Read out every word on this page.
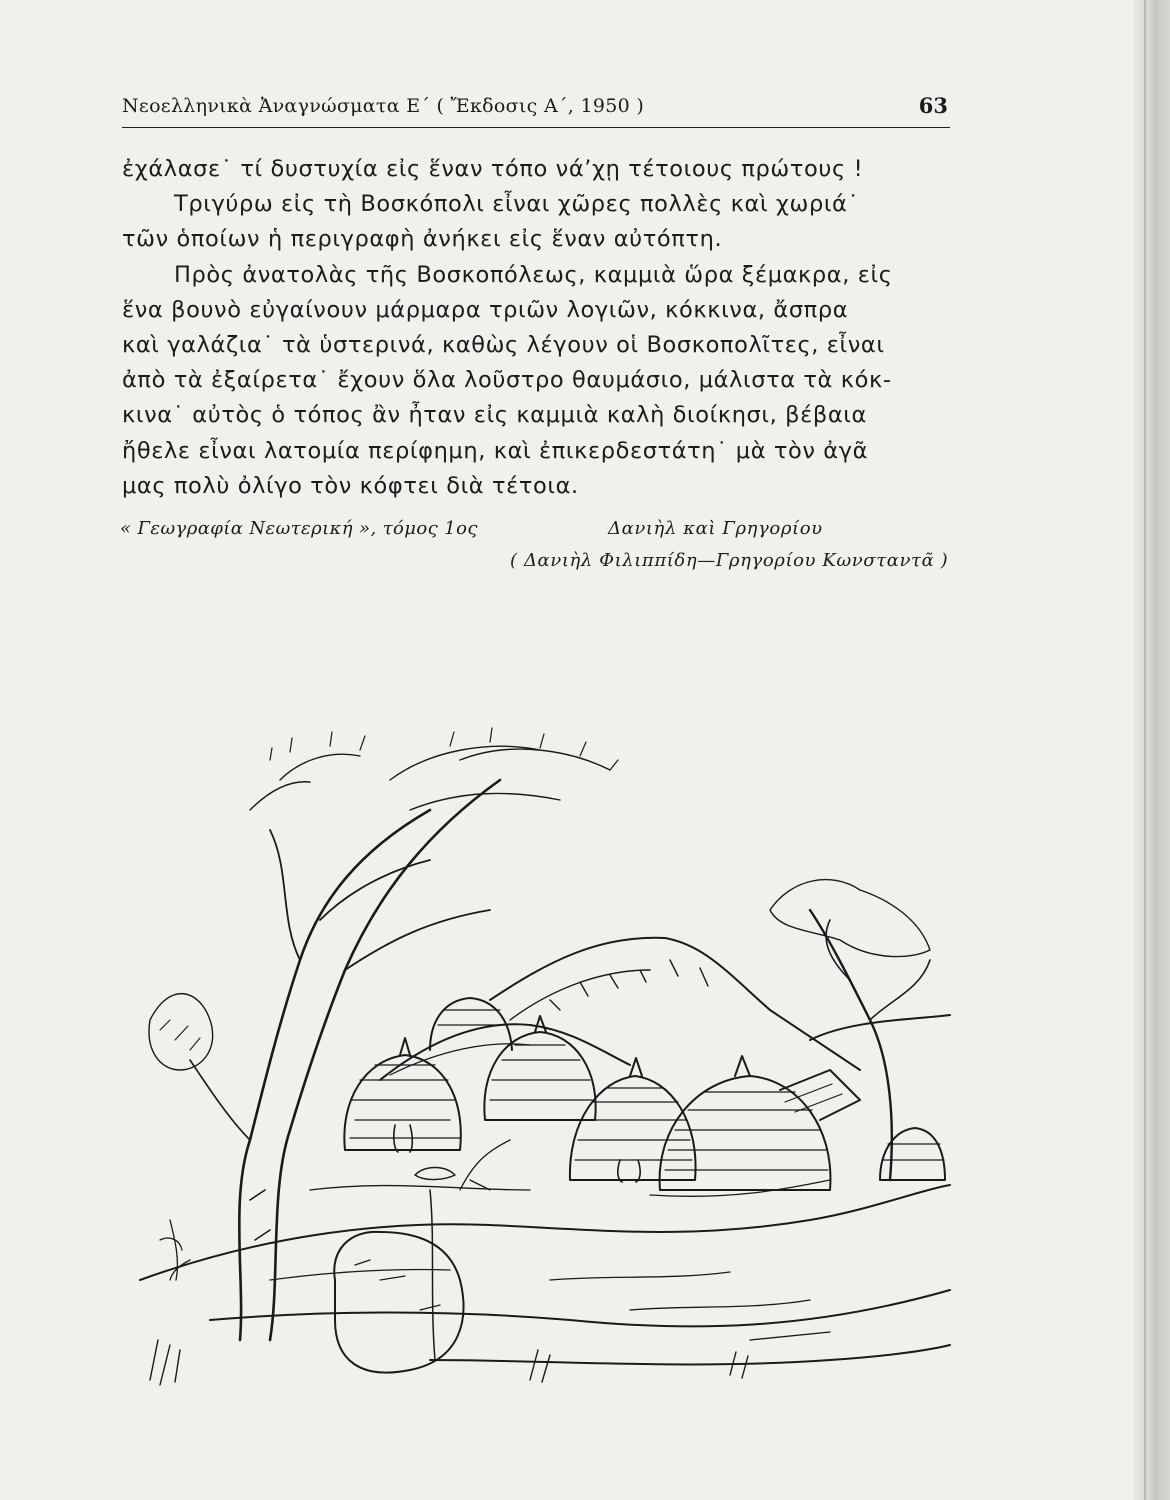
Νεοελληνικὰ Ἀναγνώσματα Ε΄ ( Ἔκδοσις Α΄, 1950 )	63

ἐχάλασε˙ τί δυστυχία εἰς ἕναν τόπο νά’χῃ τέτοιους πρώτους !

Τριγύρω εἰς τὴ Βοσκόπολι εἶναι χῶρες πολλὲς καὶ χωριά˙

τῶν ὁποίων ἡ περιγραφὴ ἀνήκει εἰς ἕναν αὐτόπτη.

Πρὸς ἀνατολὰς τῆς Βοσκοπόλεως, καμμιὰ ὥρα ξέμακρα, εἰς

ἕνα βουνὸ εὐγαίνουν μάρμαρα τριῶν λογιῶν, κόκκινα, ἄσπρα

καὶ γαλάζια˙ τὰ ὑστερινά, καθὼς λέγουν οἱ Βοσκοπολῖτες, εἶναι

ἀπὸ τὰ ἐξαίρετα˙ ἔχουν ὅλα λοῦστρο θαυμάσιο, μάλιστα τὰ κόκ-

κινα˙ αὐτὸς ὁ τόπος ἂν ἦταν εἰς καμμιὰ καλὴ διοίκησι, βέβαια

ἤθελε εἶναι λατομία περίφημη, καὶ ἐπικερδεστάτη˙ μὰ τὸν ἀγᾶ

μας πολὺ ὀλίγο τὸν κόφτει διὰ τέτοια.

« Γεωγραφία Νεωτερική », τόμος 1ος	Δανιὴλ καὶ Γρηγορίου
( Δανιὴλ Φιλιππίδη—Γρηγορίου Κωνσταντᾶ )
